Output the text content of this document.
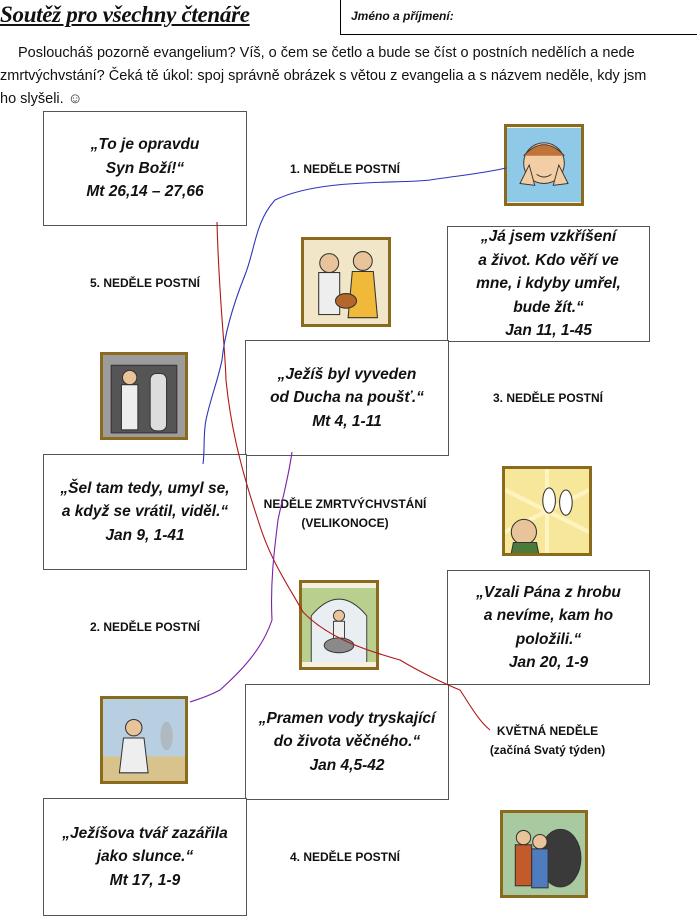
Soutěž pro všechny čtenáře	Jméno a příjmení:
Posloucháš pozorně evangelium? Víš, o čem se četlo a bude se číst o postních nedělích a nede
zmrtvýchvstání? Čeká tě úkol: spoj správně obrázek s větou z evangelia a s názvem neděle, kdy jsm
ho slyšeli. ☺
„To je opravdu
Syn Boží!“
Mt 26,14 – 27,66
„Já jsem vzkříšení
a život. Kdo věří ve
mne, i kdyby umřel,
bude žít.“
Jan 11, 1-45
„Ježíš byl vyveden
od Ducha na poušť.“
Mt 4, 1-11
„Šel tam tedy, umyl se,
a když se vrátil, viděl.“
Jan 9, 1-41
„Vzali Pána z hrobu
a nevíme, kam ho
položili.“
Jan 20, 1-9
„Pramen vody tryskající
do života věčného.“
Jan 4,5-42
„Ježíšova tvář zazářila
jako slunce.“
Mt 17, 1-9
1. NEDĚLE POSTNÍ
5. NEDĚLE POSTNÍ
3. NEDĚLE POSTNÍ
NEDĚLE ZMRTVÝCHVSTÁNÍ
(VELIKONOCE)
2. NEDĚLE POSTNÍ
KVĚTNÁ NEDĚLE
(začíná Svatý týden)
4. NEDĚLE POSTNÍ
